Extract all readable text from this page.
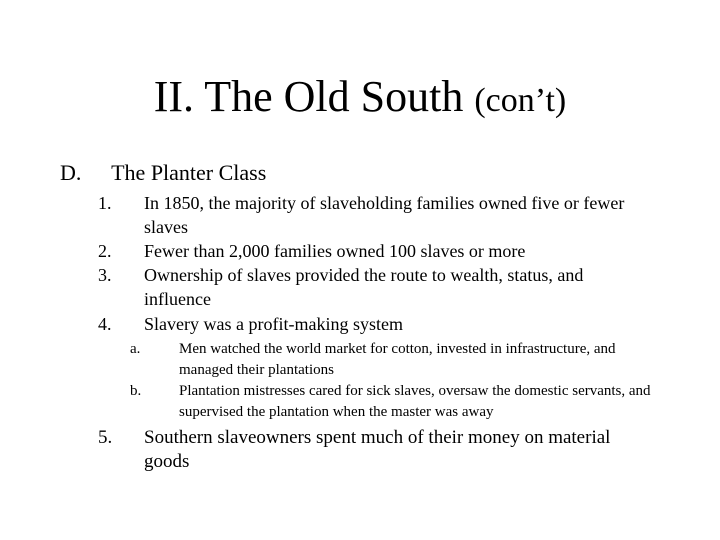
II. The Old South (con’t)
D. The Planter Class
1. In 1850, the majority of slaveholding families owned five or fewer slaves
2. Fewer than 2,000 families owned 100 slaves or more
3. Ownership of slaves provided the route to wealth, status, and influence
4. Slavery was a profit-making system
a.	Men watched the world market for cotton, invested in infrastructure, and managed their plantations
b.	Plantation mistresses cared for sick slaves, oversaw the domestic servants, and supervised the plantation when the master was away
5. Southern slaveowners spent much of their money on material goods
